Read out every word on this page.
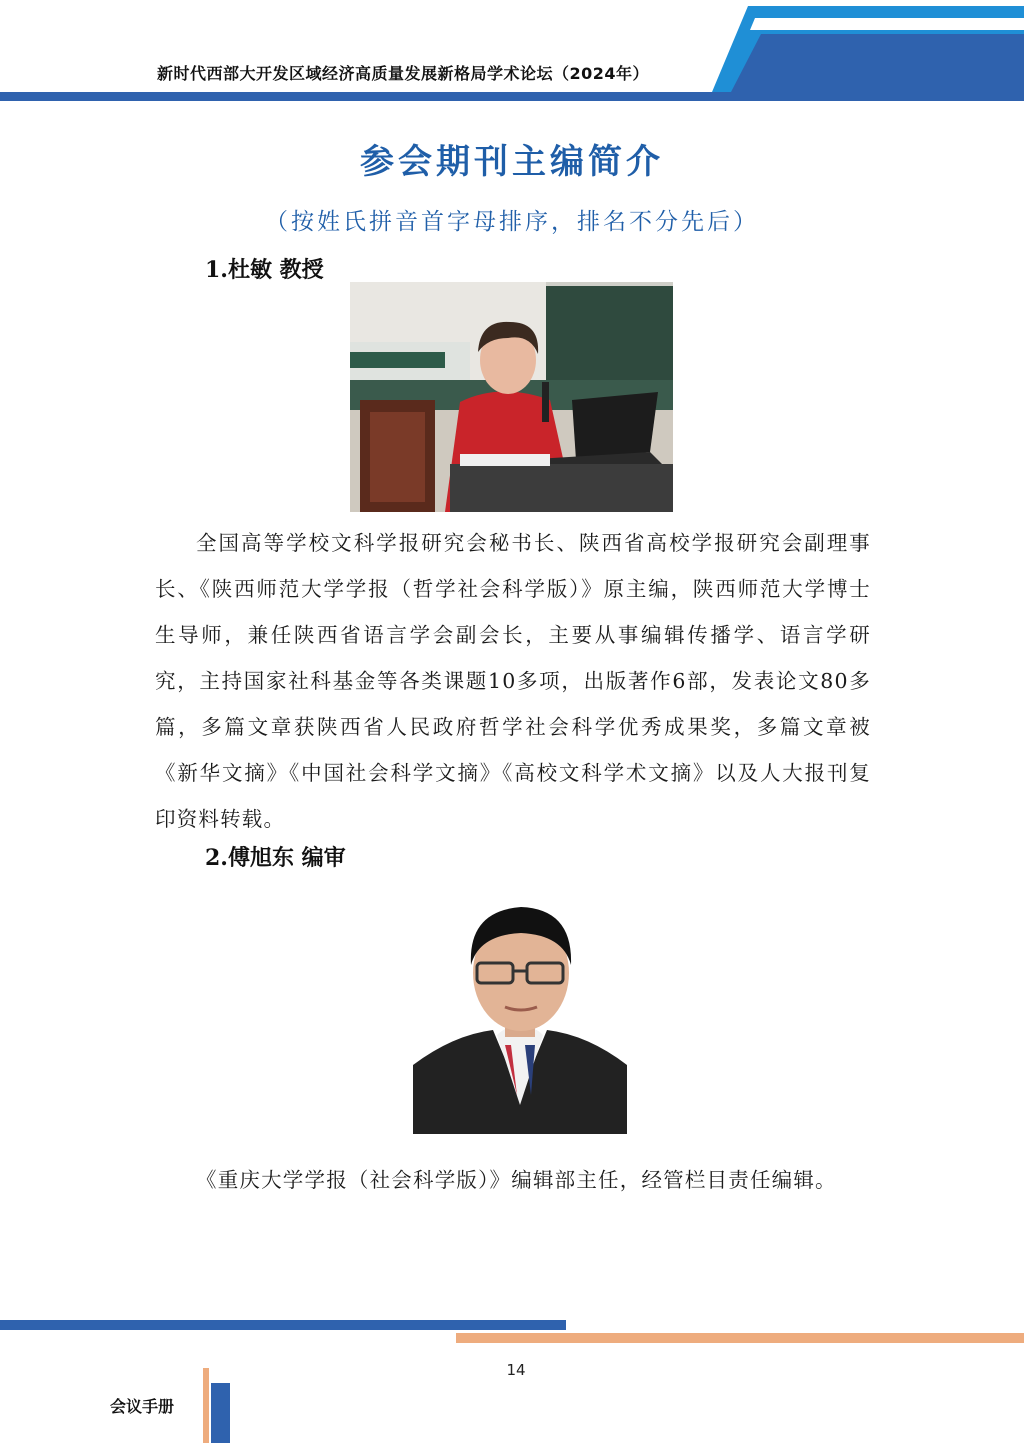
新时代西部大开发区域经济高质量发展新格局学术论坛（2024年）
参会期刊主编简介
（按姓氏拼音首字母排序，排名不分先后）
1.杜敏 教授

全国高等学校文科学报研究会秘书长、陕西省高校学报研究会副理事长、《陕西师范大学学报（哲学社会科学版）》原主编，陕西师范大学博士生导师，兼任陕西省语言学会副会长，主要从事编辑传播学、语言学研究，主持国家社科基金等各类课题10多项，出版著作6部，发表论文80多篇，多篇文章获陕西省人民政府哲学社会科学优秀成果奖，多篇文章被《新华文摘》《中国社会科学文摘》《高校文科学术文摘》以及人大报刊复印资料转载。

2.傅旭东 编审

《重庆大学学报（社会科学版）》编辑部主任，经管栏目责任编辑。

14
会议手册
